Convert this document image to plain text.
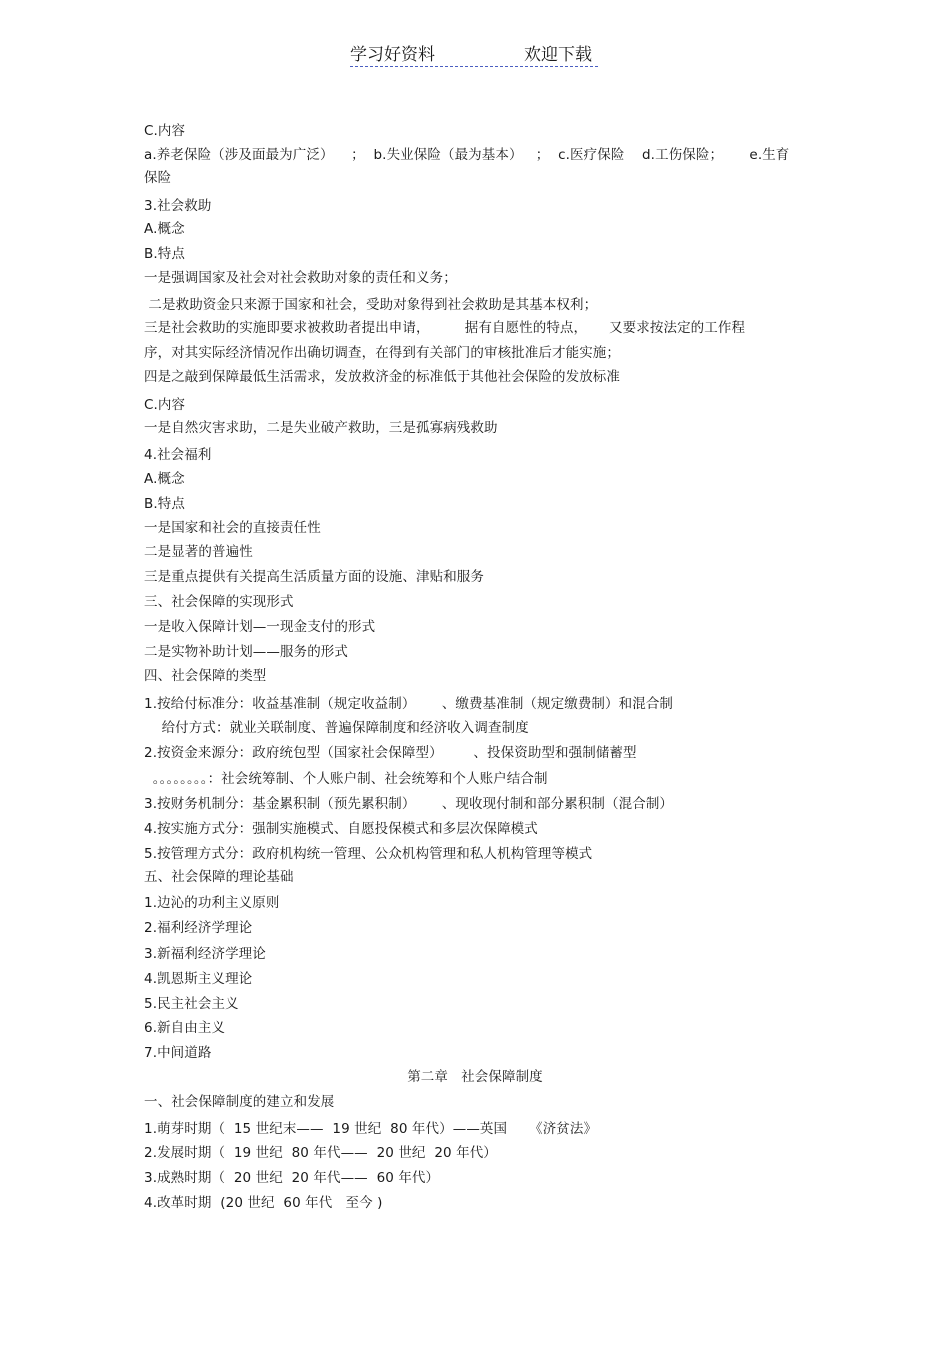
学习好资料	欢迎下载
C.内容
a.养老保险（涉及面最为广泛）    ；  b.失业保险（最为基本）   ；  c.医疗保险    d.工伤保险；      e.生育
保险
3.社会救助
A.概念
B.特点
一是强调国家及社会对社会救助对象的责任和义务；
二是救助资金只来源于国家和社会，受助对象得到社会救助是其基本权利；
三是社会救助的实施即要求被救助者提出申请，        据有自愿性的特点，     又要求按法定的工作程
序，对其实际经济情况作出确切调查，在得到有关部门的审核批准后才能实施；
四是之敲到保障最低生活需求，发放救济金的标准低于其他社会保险的发放标准
C.内容
一是自然灾害求助，二是失业破产救助，三是孤寡病残救助
4.社会福利
A.概念
B.特点
一是国家和社会的直接责任性
二是显著的普遍性
三是重点提供有关提高生活质量方面的设施、津贴和服务
三、社会保障的实现形式
一是收入保障计划—一现金支付的形式
二是实物补助计划——服务的形式
四、社会保障的类型
1.按给付标准分：收益基准制（规定收益制）      、缴费基准制（规定缴费制）和混合制
给付方式：就业关联制度、普遍保障制度和经济收入调查制度
2.按资金来源分：政府统包型（国家社会保障型）       、投保资助型和强制储蓄型
。。。。。。。。：社会统筹制、个人账户制、社会统筹和个人账户结合制
3.按财务机制分：基金累积制（预先累积制）      、现收现付制和部分累积制（混合制）
4.按实施方式分：强制实施模式、自愿投保模式和多层次保障模式
5.按管理方式分：政府机构统一管理、公众机构管理和私人机构管理等模式
五、社会保障的理论基础
1.边沁的功利主义原则
2.福利经济学理论
3.新福利经济学理论
4.凯恩斯主义理论
5.民主社会主义
6.新自由主义
7.中间道路
第二章   社会保障制度
一、社会保障制度的建立和发展
1.萌芽时期（  15 世纪末——  19 世纪  80 年代）——英国     《济贫法》
2.发展时期（  19 世纪  80 年代——  20 世纪  20 年代）
3.成熟时期（  20 世纪  20 年代——  60 年代）
4.改革时期  (20 世纪  60 年代   至今 )
